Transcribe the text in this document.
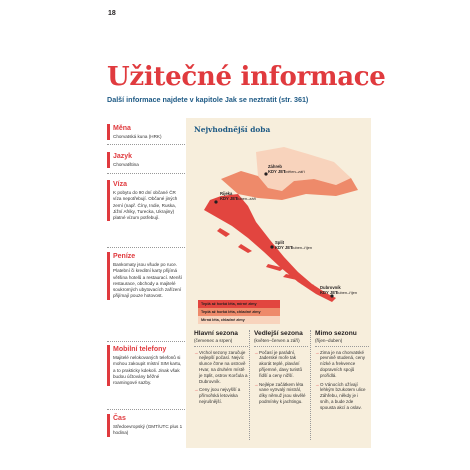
18
Užitečné informace
Další informace najdete v kapitole Jak se neztratit (str. 361)
Měna
Chorvatská kuna (HRK)
Jazyk
Chorvatština
Víza
K pobytu do 90 dní občané ČR víza nepotřebují. Občané jiných zemí (např. Číny, Indie, Ruska, Jižní Afriky, Turecka, Ukrajiny) platné vízum potřebují.
Peníze
Bankomaty jsou všude po ruce. Platební či kreditní karty přijímá většina hotelů a restaurací. Menší restaurace, obchody a majitelé soukromých ubytovacích zařízení přijímají pouze hotovost.
Mobilní telefony
Majitelé nelokovaných telefonů si mohou zakoupit místní SIM kartu, a to prakticky kdekoli. Jinak však budou účtovány běžné roamingové sazby.
Čas
Středoevropský (GMT/UTC plus 1 hodina)
Nejvhodnější doba
Záhreb
KDY JET
květen–září
Rijeka
KDY JET
duben–září
Split
KDY JET
duben–říjen
Dubrovník
KDY JET
duben–říjen
Teplá až horká léta, mírné zimy
Teplá až horká léta, chladné zimy
Mírná léta, chladné zimy
Hlavní sezona
(červenec a srpen)
→ Vrchol sezony zaručuje nejlepší počasí. Nejvíc slunce čtrne na ostrově Hvar, na druhém místě je Split, ostrov Korčula a Dubrovník.
→ Ceny jsou nejvyšší a přímořská letoviska nejrušnější.
Vedlejší sezona
(květen–červen a září)
→ Počasí je parádní, Jaderské moře tak akorát teplé, plavání příjemné, davy turistů řidší a ceny nižší.
→ Nejlépe začátkem léta vane vytrvalý mistrál, díky němuž jsou skvělé podmínky k jachtingu.
Mimo sezonu
(říjen–duben)
→ Zima je na chorvatské pevnině studená, ceny nízké a frekvence dopravních spojů prořídlá.
→ O Vánocích ožívají lehkým bzukotem ulice Záhřebu, někdy je i sníh, a bude zde spousta akcí a oslav.
